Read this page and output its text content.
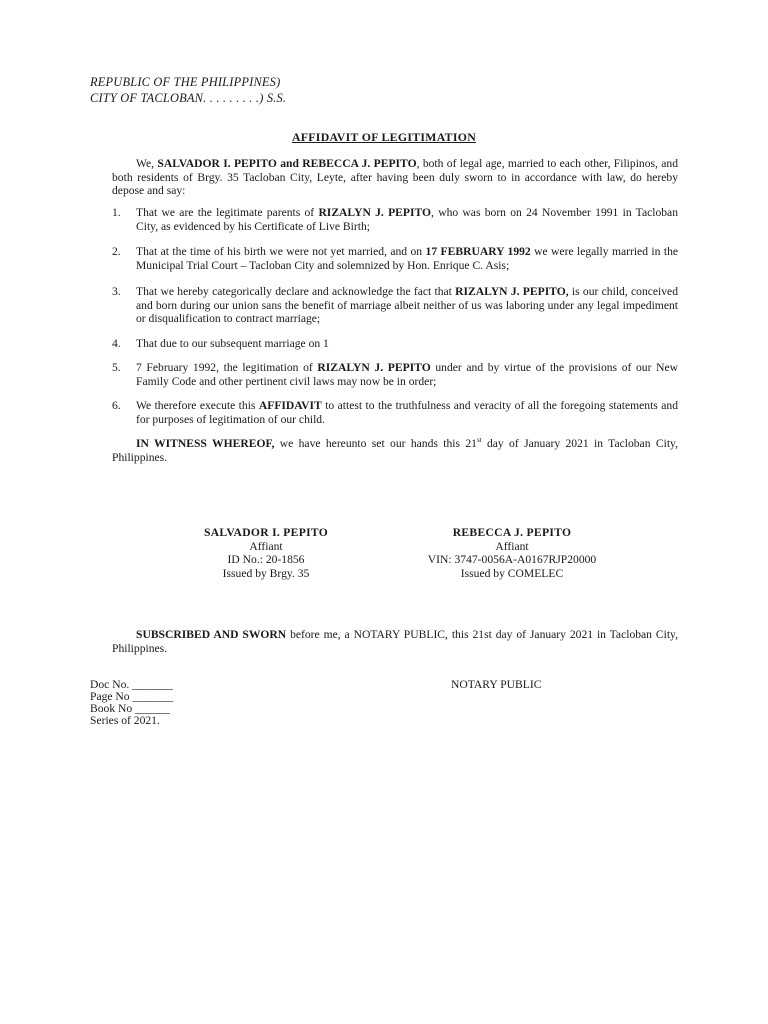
REPUBLIC OF THE PHILIPPINES)
CITY OF TACLOBAN. . . . . . . . .) S.S.
AFFIDAVIT OF LEGITIMATION

We, SALVADOR I. PEPITO and REBECCA J. PEPITO, both of legal age, married to each other, Filipinos, and both residents of Brgy. 35 Tacloban City, Leyte, after having been duly sworn to in accordance with law, do hereby depose and say:

1.	That we are the legitimate parents of RIZALYN J. PEPITO, who was born on 24 November 1991 in Tacloban City, as evidenced by his Certificate of Live Birth;
2.	That at the time of his birth we were not yet married, and on 17 FEBRUARY 1992 we were legally married in the Municipal Trial Court – Tacloban City and solemnized by Hon. Enrique C. Asis;
3.	That we hereby categorically declare and acknowledge the fact that RIZALYN J. PEPITO, is our child, conceived and born during our union sans the benefit of marriage albeit neither of us was laboring under any legal impediment or disqualification to contract marriage;
4.	That due to our subsequent marriage on 1
5.	7 February 1992, the legitimation of RIZALYN J. PEPITO under and by virtue of the provisions of our New Family Code and other pertinent civil laws may now be in order;
6.	We therefore execute this AFFIDAVIT to attest to the truthfulness and veracity of all the foregoing statements and for purposes of legitimation of our child.

IN WITNESS WHEREOF, we have hereunto set our hands this 21st day of January 2021 in Tacloban City, Philippines.

SALVADOR I. PEPITO
Affiant
ID No.: 20-1856
Issued by Brgy. 35
REBECCA J. PEPITO
Affiant
VIN: 3747-0056A-A0167RJP20000
Issued by COMELEC

SUBSCRIBED AND SWORN before me, a NOTARY PUBLIC, this 21st day of January 2021 in Tacloban City, Philippines.

Doc No. _______
Page No _______
Book No ______
Series of 2021.
NOTARY PUBLIC
